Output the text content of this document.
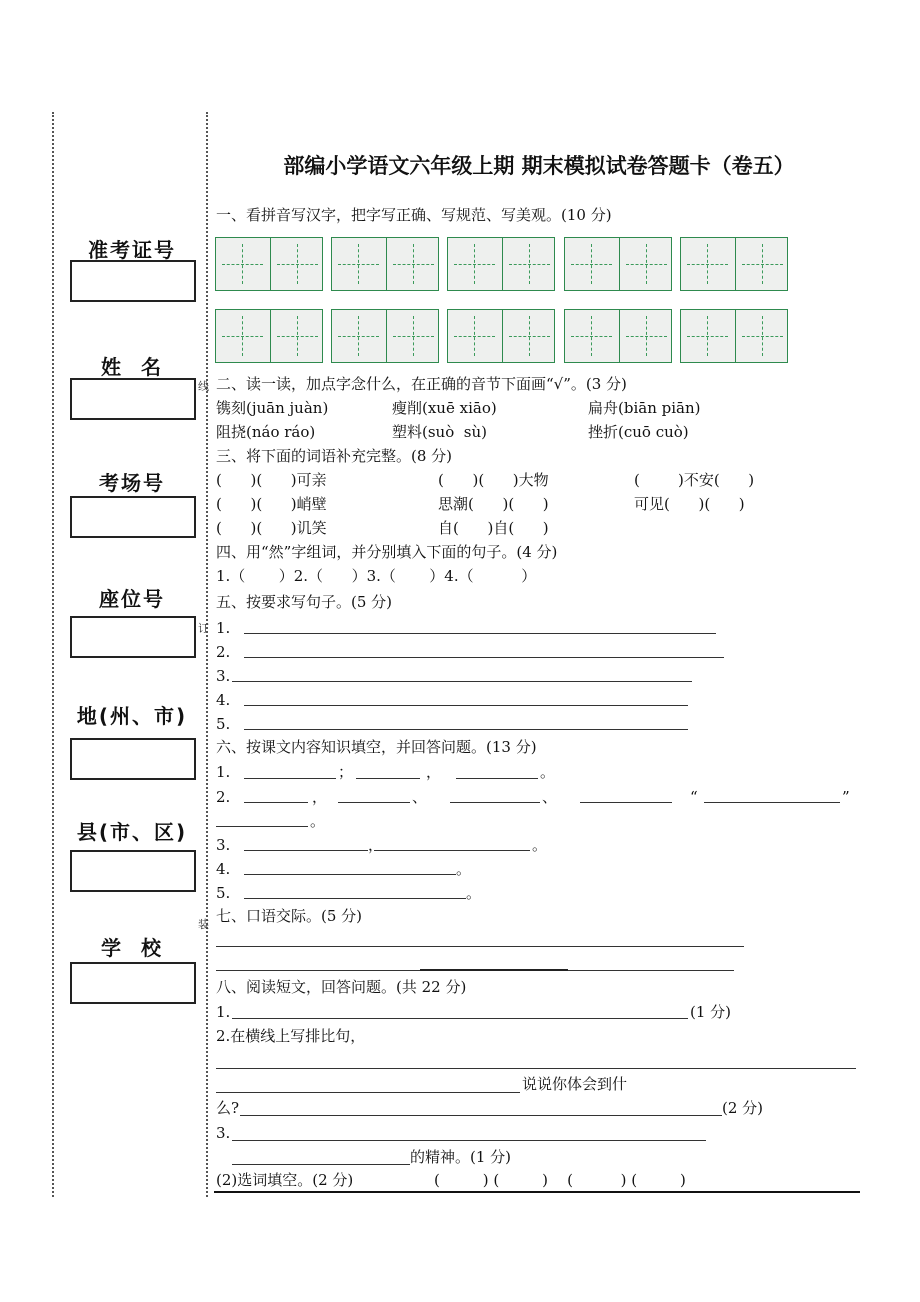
线
订
装
准考证号
姓  名
考场号
座位号
地(州、市)
县(市、区)
学  校
部编小学语文六年级上期 期末模拟试卷答题卡（卷五）
一、看拼音写汉字，把字写正确、写规范、写美观。(10 分)
二、读一读，加点字念什么，在正确的音节下面画“√”。(3 分)
镌刻(juān juàn)	瘦削(xuē xiāo)	扁舟(biān piān)
阻挠(náo ráo)	塑料(suò  sù)	挫折(cuō cuò)
三、将下面的词语补充完整。(8 分)
(      )(      )可亲	(      )(      )大物	(        )不安(      )
(      )(      )峭壁	思潮(      )(      )	可见(      )(      )
(      )(      )讥笑	自(      )自(      )
四、用“然”字组词，并分别填入下面的句子。(4 分)
1.（       ）2.（      ）3.（       ）4.（          ）
五、按要求写句子。(5 分)
1.
2.
3.
4.
5.
六、按课文内容知识填空，并回答问题。(13 分)
1.	；	，	。
2.	，	、	、	“	”
。
3.	，	。
4.	。
5.	。
七、口语交际。(5 分)
八、阅读短文，回答问题。(共 22 分)
1.	(1 分)
2.在横线上写排比句，
说说你体会到什
么?	(2 分)
3.
的精神。(1 分)
(2)选词填空。(2 分)	(         ) (         )    (          ) (         )
